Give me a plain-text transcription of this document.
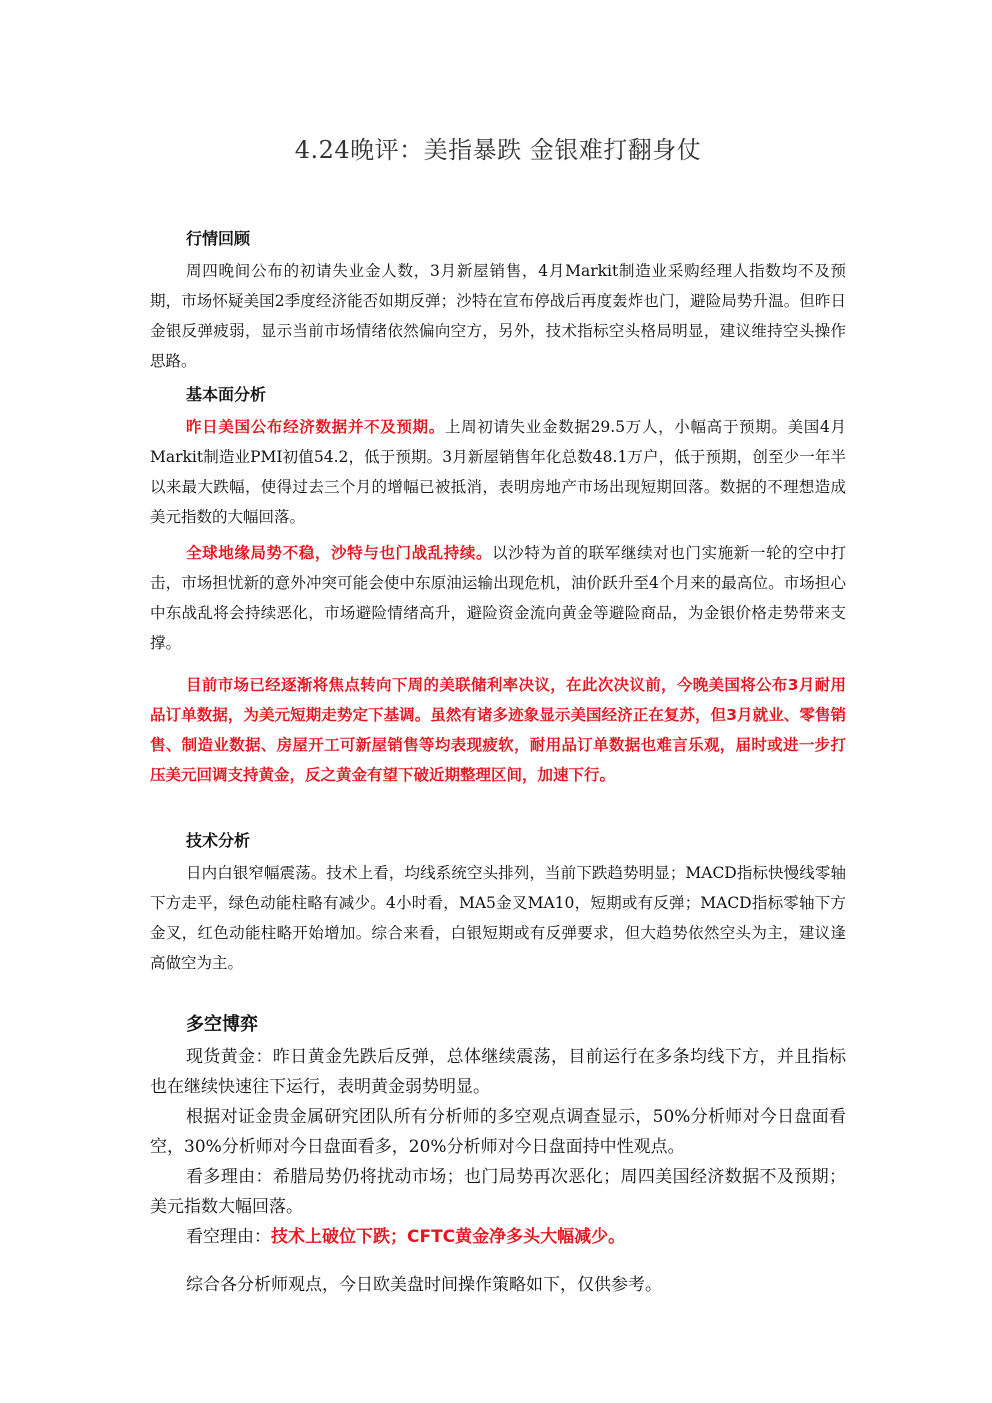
4.24晚评：美指暴跌 金银难打翻身仗
行情回顾

周四晚间公布的初请失业金人数，3月新屋销售，4月Markit制造业采购经理人指数均不及预期，市场怀疑美国2季度经济能否如期反弹；沙特在宣布停战后再度轰炸也门，避险局势升温。但昨日金银反弹疲弱，显示当前市场情绪依然偏向空方，另外，技术指标空头格局明显，建议维持空头操作思路。

基本面分析

昨日美国公布经济数据并不及预期。上周初请失业金数据29.5万人，小幅高于预期。美国4月Markit制造业PMI初值54.2，低于预期。3月新屋销售年化总数48.1万户，低于预期，创至少一年半以来最大跌幅，使得过去三个月的增幅已被抵消，表明房地产市场出现短期回落。数据的不理想造成美元指数的大幅回落。

全球地缘局势不稳，沙特与也门战乱持续。以沙特为首的联军继续对也门实施新一轮的空中打击，市场担忧新的意外冲突可能会使中东原油运输出现危机，油价跃升至4个月来的最高位。市场担心中东战乱将会持续恶化，市场避险情绪高升，避险资金流向黄金等避险商品，为金银价格走势带来支撑。

目前市场已经逐渐将焦点转向下周的美联储利率决议，在此次决议前，今晚美国将公布3月耐用品订单数据，为美元短期走势定下基调。虽然有诸多迹象显示美国经济正在复苏，但3月就业、零售销售、制造业数据、房屋开工可新屋销售等均表现疲软，耐用品订单数据也难言乐观，届时或进一步打压美元回调支持黄金，反之黄金有望下破近期整理区间，加速下行。

技术分析

日内白银窄幅震荡。技术上看，均线系统空头排列，当前下跌趋势明显；MACD指标快慢线零轴下方走平，绿色动能柱略有减少。4小时看，MA5金叉MA10，短期或有反弹；MACD指标零轴下方金叉，红色动能柱略开始增加。综合来看，白银短期或有反弹要求，但大趋势依然空头为主，建议逢高做空为主。

多空博弈

现货黄金：昨日黄金先跌后反弹，总体继续震荡，目前运行在多条均线下方，并且指标也在继续快速往下运行，表明黄金弱势明显。

根据对证金贵金属研究团队所有分析师的多空观点调查显示，50%分析师对今日盘面看空，30%分析师对今日盘面看多，20%分析师对今日盘面持中性观点。

看多理由：希腊局势仍将扰动市场；也门局势再次恶化；周四美国经济数据不及预期；美元指数大幅回落。

看空理由：技术上破位下跌；CFTC黄金净多头大幅减少。

综合各分析师观点，今日欧美盘时间操作策略如下，仅供参考。
